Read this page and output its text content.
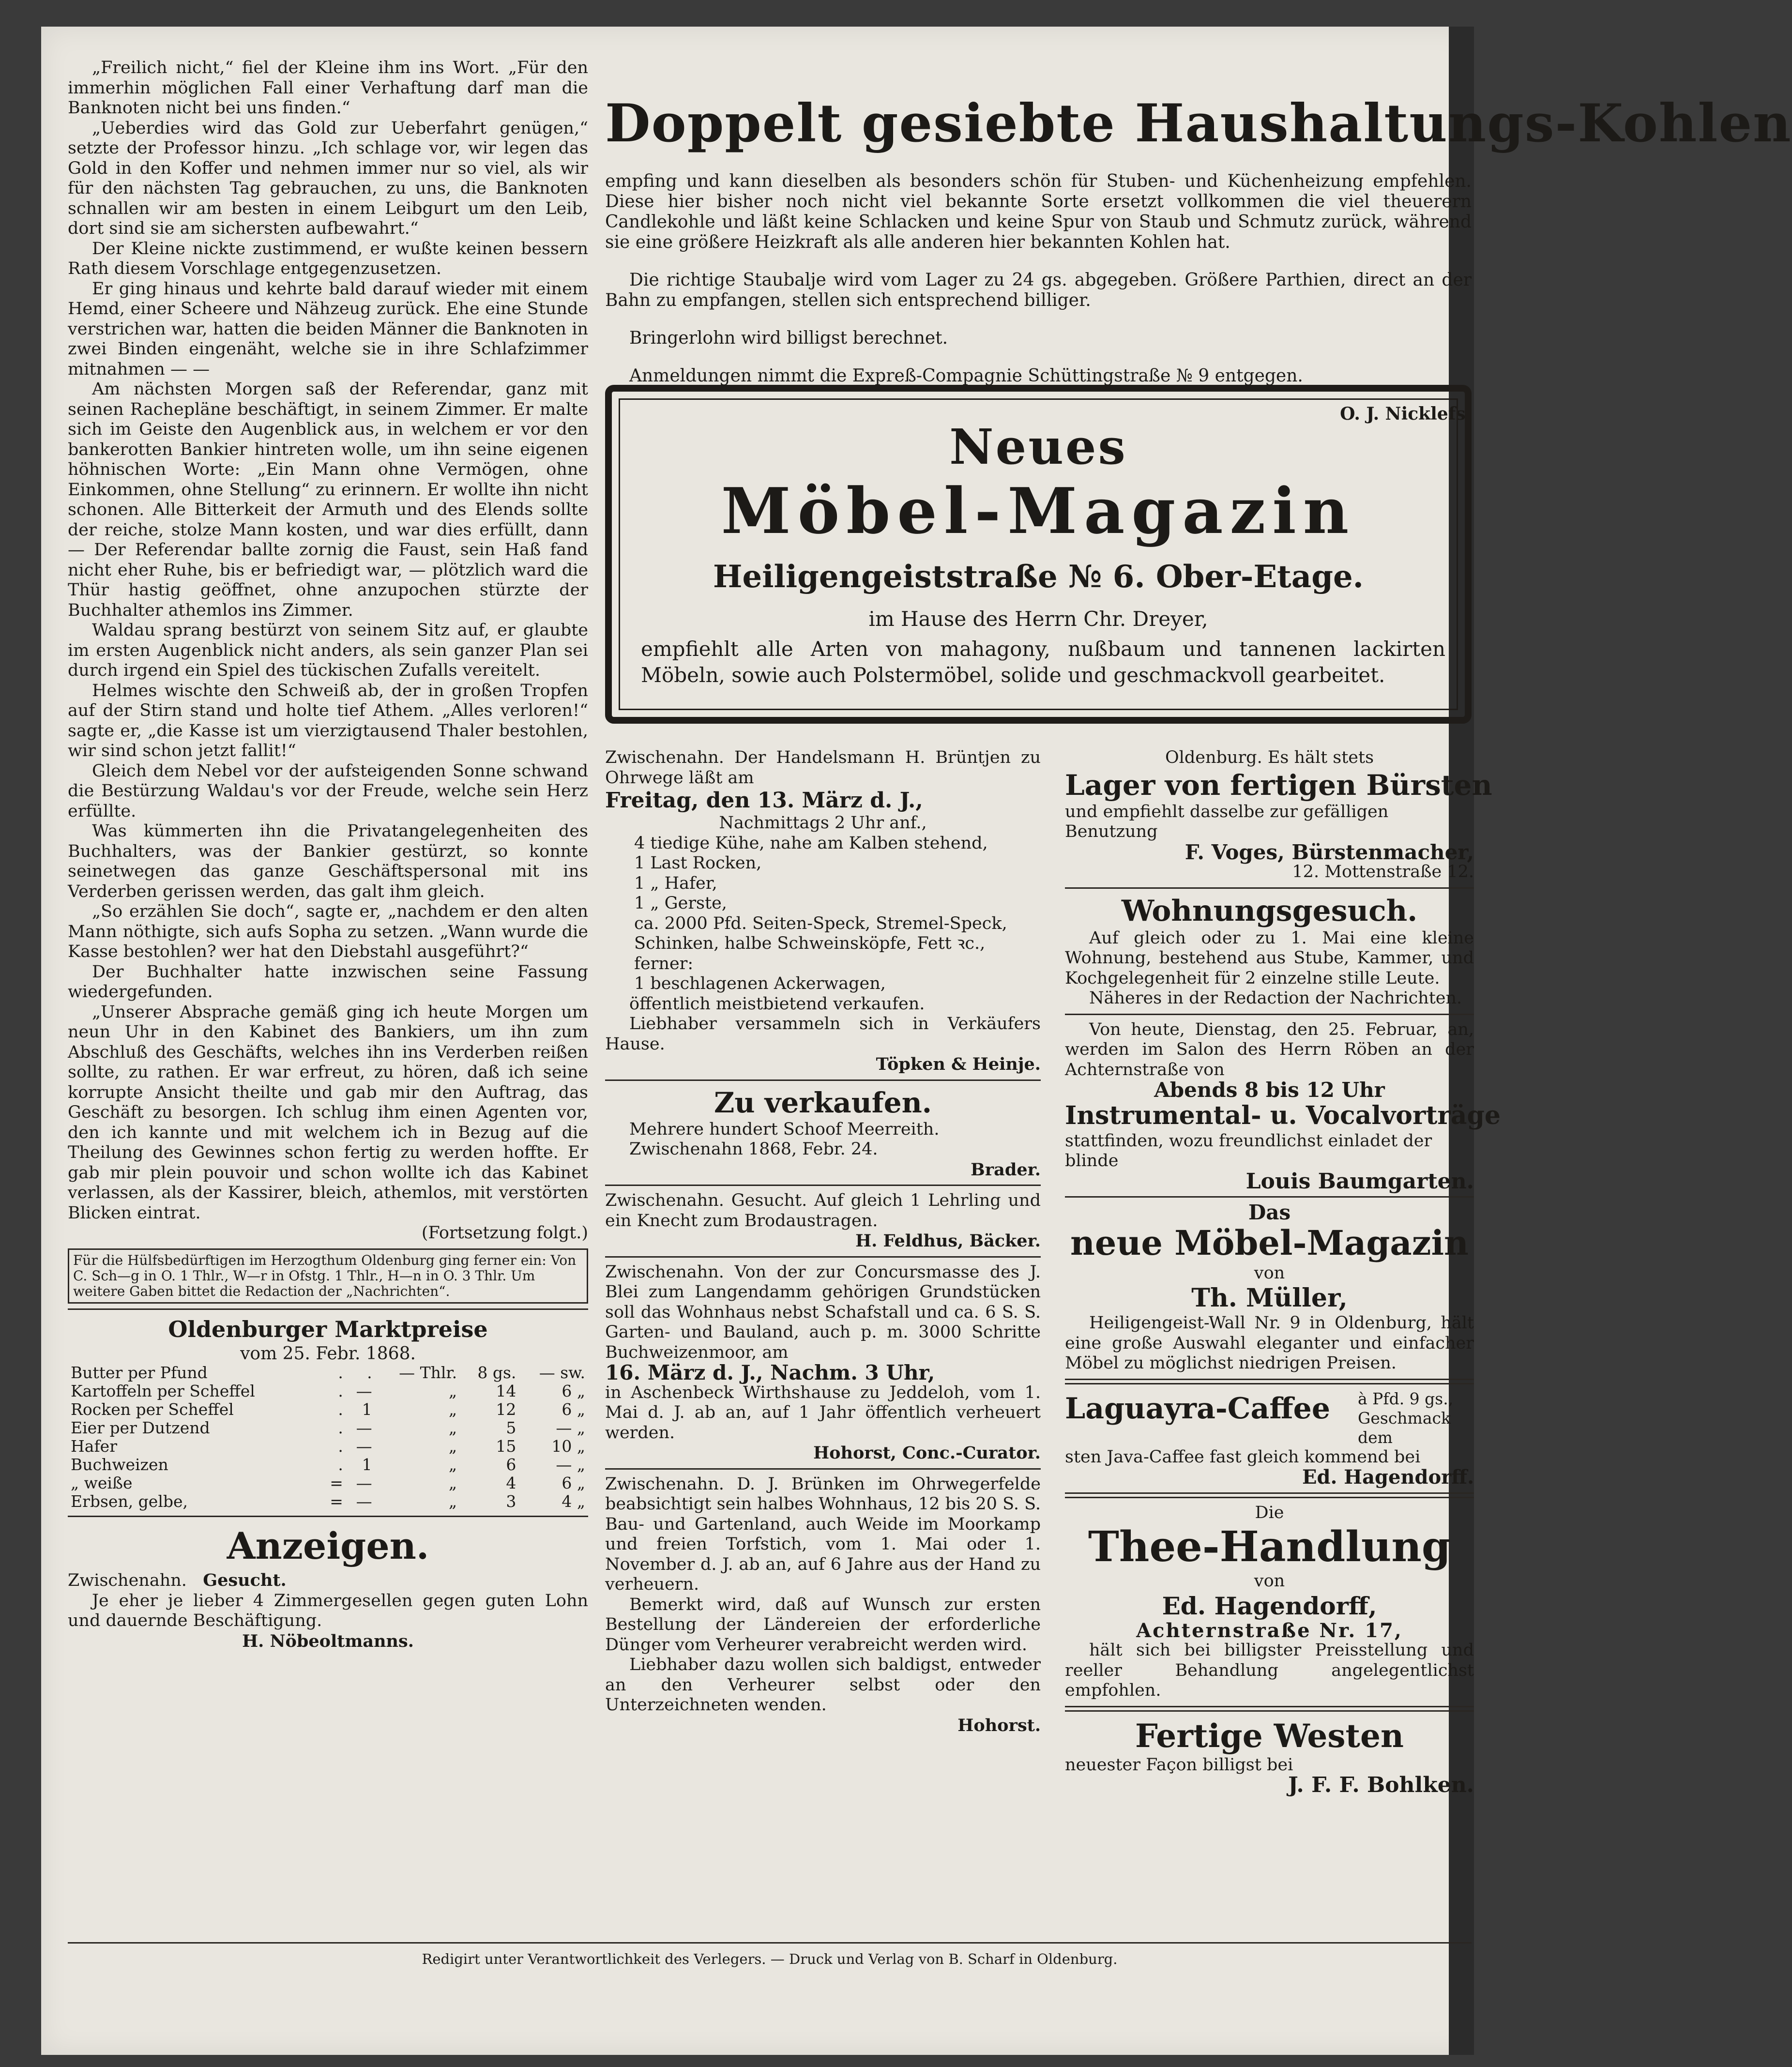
„Freilich nicht,“ fiel der Kleine ihm ins Wort. „Für den immerhin möglichen Fall einer Verhaftung darf man die Banknoten nicht bei uns finden.“

„Ueberdies wird das Gold zur Ueberfahrt genügen,“ setzte der Professor hinzu. „Ich schlage vor, wir legen das Gold in den Koffer und nehmen immer nur so viel, als wir für den nächsten Tag gebrauchen, zu uns, die Banknoten schnallen wir am besten in einem Leibgurt um den Leib, dort sind sie am sichersten aufbewahrt.“

Der Kleine nickte zustimmend, er wußte keinen bessern Rath diesem Vorschlage entgegenzusetzen.

Er ging hinaus und kehrte bald darauf wieder mit einem Hemd, einer Scheere und Nähzeug zurück. Ehe eine Stunde verstrichen war, hatten die beiden Männer die Banknoten in zwei Binden eingenäht, welche sie in ihre Schlafzimmer mitnahmen — —

Am nächsten Morgen saß der Referendar, ganz mit seinen Rachepläne beschäftigt, in seinem Zimmer. Er malte sich im Geiste den Augenblick aus, in welchem er vor den bankerotten Bankier hintreten wolle, um ihn seine eigenen höhnischen Worte: „Ein Mann ohne Vermögen, ohne Einkommen, ohne Stellung“ zu erinnern. Er wollte ihn nicht schonen. Alle Bitterkeit der Armuth und des Elends sollte der reiche, stolze Mann kosten, und war dies erfüllt, dann — Der Referendar ballte zornig die Faust, sein Haß fand nicht eher Ruhe, bis er befriedigt war, — plötzlich ward die Thür hastig geöffnet, ohne anzupochen stürzte der Buchhalter athemlos ins Zimmer.

Waldau sprang bestürzt von seinem Sitz auf, er glaubte im ersten Augenblick nicht anders, als sein ganzer Plan sei durch irgend ein Spiel des tückischen Zufalls vereitelt.

Helmes wischte den Schweiß ab, der in großen Tropfen auf der Stirn stand und holte tief Athem. „Alles verloren!“ sagte er, „die Kasse ist um vierzigtausend Thaler bestohlen, wir sind schon jetzt fallit!“

Gleich dem Nebel vor der aufsteigenden Sonne schwand die Bestürzung Waldau's vor der Freude, welche sein Herz erfüllte.

Was kümmerten ihn die Privatangelegenheiten des Buchhalters, was der Bankier gestürzt, so konnte seinetwegen das ganze Geschäftspersonal mit ins Verderben gerissen werden, das galt ihm gleich.

„So erzählen Sie doch“, sagte er, „nachdem er den alten Mann nöthigte, sich aufs Sopha zu setzen. „Wann wurde die Kasse bestohlen? wer hat den Diebstahl ausgeführt?“

Der Buchhalter hatte inzwischen seine Fassung wiedergefunden.

„Unserer Absprache gemäß ging ich heute Morgen um neun Uhr in den Kabinet des Bankiers, um ihn zum Abschluß des Geschäfts, welches ihn ins Verderben reißen sollte, zu rathen. Er war erfreut, zu hören, daß ich seine korrupte Ansicht theilte und gab mir den Auftrag, das Geschäft zu besorgen. Ich schlug ihm einen Agenten vor, den ich kannte und mit welchem ich in Bezug auf die Theilung des Gewinnes schon fertig zu werden hoffte. Er gab mir plein pouvoir und schon wollte ich das Kabinet verlassen, als der Kassirer, bleich, athemlos, mit verstörten Blicken eintrat.

(Fortsetzung folgt.)

Für die Hülfsbedürftigen im Herzogthum Oldenburg ging ferner ein: Von C. Sch—g in O. 1 Thlr., W—r in Ofstg. 1 Thlr., H—n in O. 3 Thlr. Um weitere Gaben bittet die Redaction der „Nachrichten“.

Oldenburger Marktpreise

vom 25. Febr. 1868.

Butter per Pfund	.	.	— Thlr.	8 gs.	— sw.
Kartoffeln per Scheffel	.	—	„	14	6 „
Rocken per Scheffel	.	1	„	12	6 „
Eier per Dutzend	.	—	„	5	— „
Hafer	.	—	„	15	10 „
Buchweizen	.	1	„	6	— „
„ weiße	=	—	„	4	6 „
Erbsen, gelbe,	=	—	„	3	4 „

Anzeigen.

Zwischenahn. Gesucht.

Je eher je lieber 4 Zimmergesellen gegen guten Lohn und dauernde Beschäftigung.

H. Nöbeoltmanns.

Doppelt gesiebte Haushaltungs-Kohlen

empfing und kann dieselben als besonders schön für Stuben- und Küchenheizung empfehlen. Diese hier bisher noch nicht viel bekannte Sorte ersetzt vollkommen die viel theuerern Candlekohle und läßt keine Schlacken und keine Spur von Staub und Schmutz zurück, während sie eine größere Heizkraft als alle anderen hier bekannten Kohlen hat.

Die richtige Staubalje wird vom Lager zu 24 gs. abgegeben. Größere Parthien, direct an der Bahn zu empfangen, stellen sich entsprechend billiger.

Bringerlohn wird billigst berechnet.

Anmeldungen nimmt die Expreß-Compagnie Schüttingstraße № 9 entgegen.

O. J. Nicklefs.

Neues
Möbel-Magazin
Heiligengeiststraße № 6. Ober-Etage.
im Hause des Herrn Chr. Dreyer,
empfiehlt alle Arten von mahagony, nußbaum und tannenen lackirten Möbeln, sowie auch Polstermöbel, solide und geschmackvoll gearbeitet.

Zwischenahn. Der Handelsmann H. Brüntjen zu Ohrwege läßt am

Freitag, den 13. März d. J.,

Nachmittags 2 Uhr anf.,

4 tiedige Kühe, nahe am Kalben stehend,

1 Last Rocken,

1 „ Hafer,

1 „ Gerste,

ca. 2000 Pfd. Seiten-Speck, Stremel-Speck, Schinken, halbe Schweinsköpfe, Fett ꝛc.,

ferner:

1 beschlagenen Ackerwagen,

öffentlich meistbietend verkaufen.

Liebhaber versammeln sich in Verkäufers Hause.

Töpken & Heinje.

Zu verkaufen.

Mehrere hundert Schoof Meerreith.

Zwischenahn 1868, Febr. 24.

Brader.

Zwischenahn. Gesucht. Auf gleich 1 Lehrling und ein Knecht zum Brodaustragen.

H. Feldhus, Bäcker.

Zwischenahn. Von der zur Concursmasse des J. Blei zum Langendamm gehörigen Grundstücken soll das Wohnhaus nebst Schafstall und ca. 6 S. S. Garten- und Bauland, auch p. m. 3000 Schritte Buchweizenmoor, am

16. März d. J., Nachm. 3 Uhr,

in Aschenbeck Wirthshause zu Jeddeloh, vom 1. Mai d. J. ab an, auf 1 Jahr öffentlich verheuert werden.

Hohorst, Conc.-Curator.

Zwischenahn. D. J. Brünken im Ohrwegerfelde beabsichtigt sein halbes Wohnhaus, 12 bis 20 S. S. Bau- und Gartenland, auch Weide im Moorkamp und freien Torfstich, vom 1. Mai oder 1. November d. J. ab an, auf 6 Jahre aus der Hand zu verheuern.

Bemerkt wird, daß auf Wunsch zur ersten Bestellung der Ländereien der erforderliche Dünger vom Verheurer verabreicht werden wird.

Liebhaber dazu wollen sich baldigst, entweder an den Verheurer selbst oder den Unterzeichneten wenden.

Hohorst.

Oldenburg. Es hält stets

Lager von fertigen Bürsten

und empfiehlt dasselbe zur gefälligen Benutzung

F. Voges, Bürstenmacher,

12. Mottenstraße 12.

Wohnungsgesuch.

Auf gleich oder zu 1. Mai eine kleine Wohnung, bestehend aus Stube, Kammer, und Kochgelegenheit für 2 einzelne stille Leute.

Näheres in der Redaction der Nachrichten.

Von heute, Dienstag, den 25. Februar, an, werden im Salon des Herrn Röben an der Achternstraße von

Abends 8 bis 12 Uhr

Instrumental- u. Vocalvorträge

stattfinden, wozu freundlichst einladet der blinde

Louis Baumgarten.

Das

neue Möbel-Magazin

von

Th. Müller,

Heiligengeist-Wall Nr. 9 in Oldenburg, hält eine große Auswahl eleganter und einfacher Möbel zu möglichst niedrigen Preisen.

Laguayra-Caffee à Pfd. 9 gs., Geschmack dem

sten Java-Caffee fast gleich kommend bei

Ed. Hagendorff.

Die

Thee-Handlung

von

Ed. Hagendorff,

Achternstraße Nr. 17,

hält sich bei billigster Preisstellung und reeller Behandlung angelegentlichst empfohlen.

Fertige Westen

neuester Façon billigst bei

J. F. F. Bohlken.

Redigirt unter Verantwortlichkeit des Verlegers. — Druck und Verlag von B. Scharf in Oldenburg.
